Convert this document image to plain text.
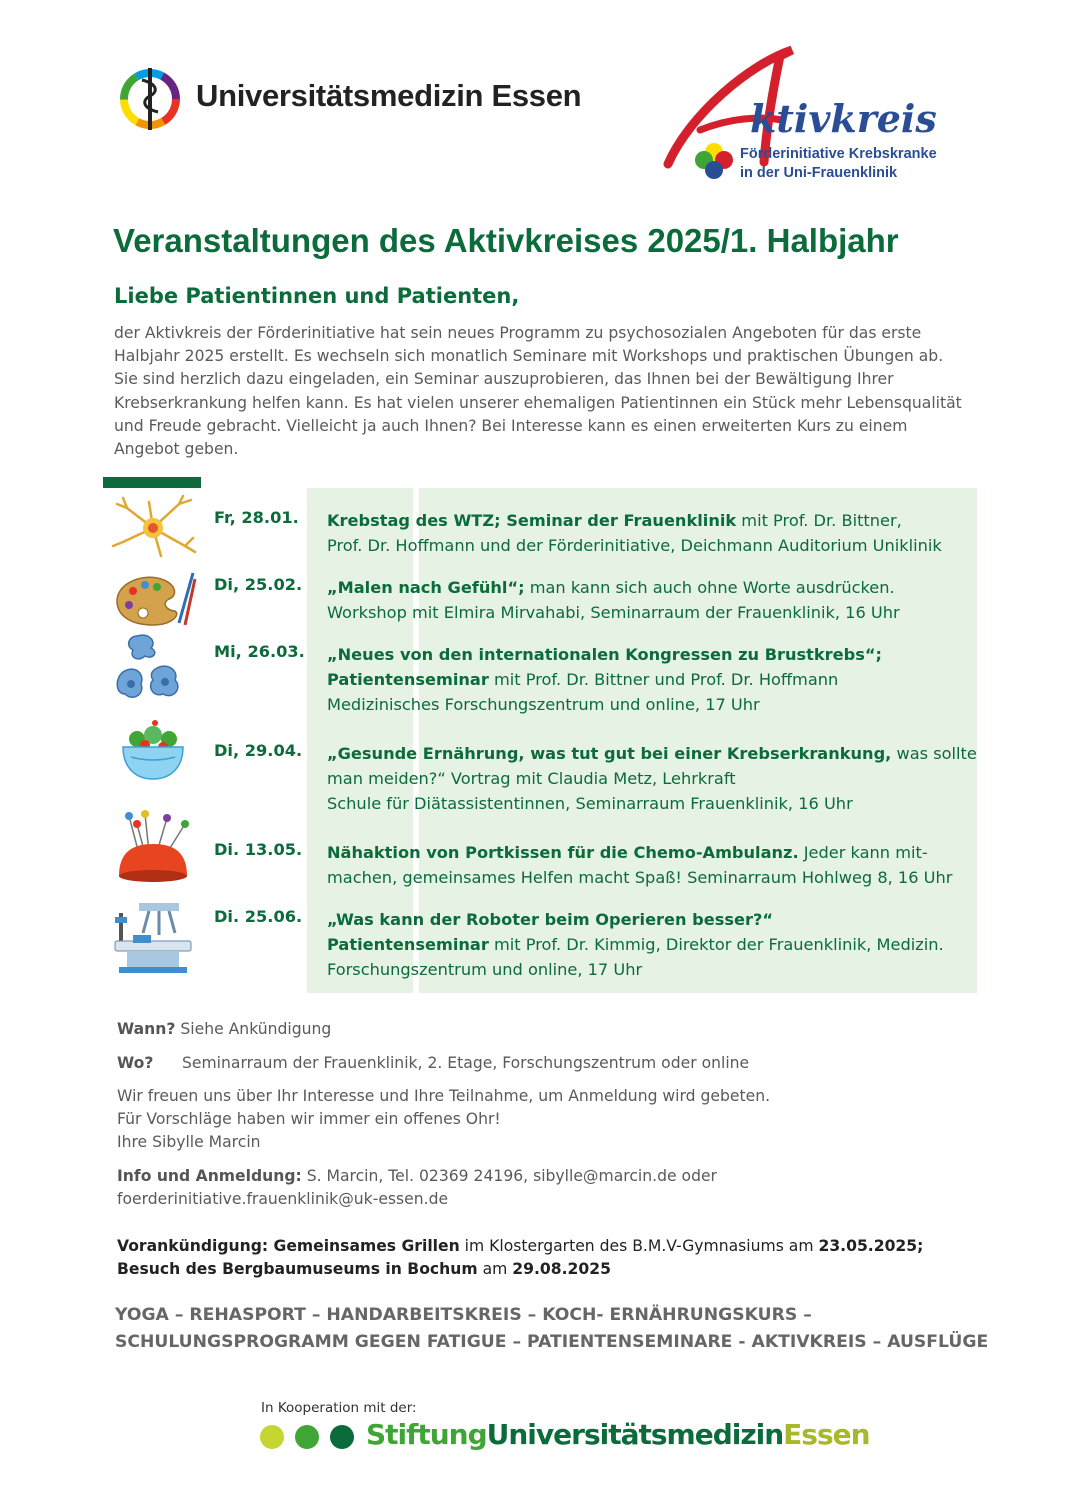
Universitätsmedizin Essen
ktivkreis
Förderinitiative Krebskranke
in der Uni-Frauenklinik
Veranstaltungen des Aktivkreises 2025/1. Halbjahr
Liebe Patientinnen und Patienten,
der Aktivkreis der Förderinitiative hat sein neues Programm zu psychosozialen Angeboten für das erste
Halbjahr 2025 erstellt. Es wechseln sich monatlich Seminare mit Workshops und praktischen Übungen ab.
Sie sind herzlich dazu eingeladen, ein Seminar auszuprobieren, das Ihnen bei der Bewältigung Ihrer
Krebserkrankung helfen kann. Es hat vielen unserer ehemaligen Patientinnen ein Stück mehr Lebensqualität
und Freude gebracht. Vielleicht ja auch Ihnen? Bei Interesse kann es einen erweiterten Kurs zu einem
Angebot geben.
Fr, 28.01. Krebstag des WTZ; Seminar der Frauenklinik mit Prof. Dr. Bittner,
Prof. Dr. Hoffmann und der Förderinitiative, Deichmann Auditorium Uniklinik
Di, 25.02. „Malen nach Gefühl“; man kann sich auch ohne Worte ausdrücken.
Workshop mit Elmira Mirvahabi, Seminarraum der Frauenklinik, 16 Uhr
Mi, 26.03. „Neues von den internationalen Kongressen zu Brustkrebs“;
Patientenseminar mit Prof. Dr. Bittner und Prof. Dr. Hoffmann
Medizinisches Forschungszentrum und online, 17 Uhr
Di, 29.04. „Gesunde Ernährung, was tut gut bei einer Krebserkrankung, was sollte
man meiden?“ Vortrag mit Claudia Metz, Lehrkraft
Schule für Diätassistentinnen, Seminarraum Frauenklinik, 16 Uhr
Di. 13.05. Nähaktion von Portkissen für die Chemo-Ambulanz. Jeder kann mit-
machen, gemeinsames Helfen macht Spaß! Seminarraum Hohlweg 8, 16 Uhr
Di. 25.06. „Was kann der Roboter beim Operieren besser?“
Patientenseminar mit Prof. Dr. Kimmig, Direktor der Frauenklinik, Medizin.
Forschungszentrum und online, 17 Uhr
Wann? Siehe Ankündigung
Wo? Seminarraum der Frauenklinik, 2. Etage, Forschungszentrum oder online
Wir freuen uns über Ihr Interesse und Ihre Teilnahme, um Anmeldung wird gebeten.
Für Vorschläge haben wir immer ein offenes Ohr!
Ihre Sibylle Marcin
Info und Anmeldung: S. Marcin, Tel. 02369 24196, sibylle@marcin.de oder
foerderinitiative.frauenklinik@uk-essen.de
Vorankündigung: Gemeinsames Grillen im Klostergarten des B.M.V-Gymnasiums am 23.05.2025;
Besuch des Bergbaumuseums in Bochum am 29.08.2025
YOGA – REHASPORT – HANDARBEITSKREIS – KOCH- ERNÄHRUNGSKURS –
SCHULUNGSPROGRAMM GEGEN FATIGUE – PATIENTENSEMINARE - AKTIVKREIS – AUSFLÜGE
In Kooperation mit der:
StiftungUniversitätsmedizinEssen
